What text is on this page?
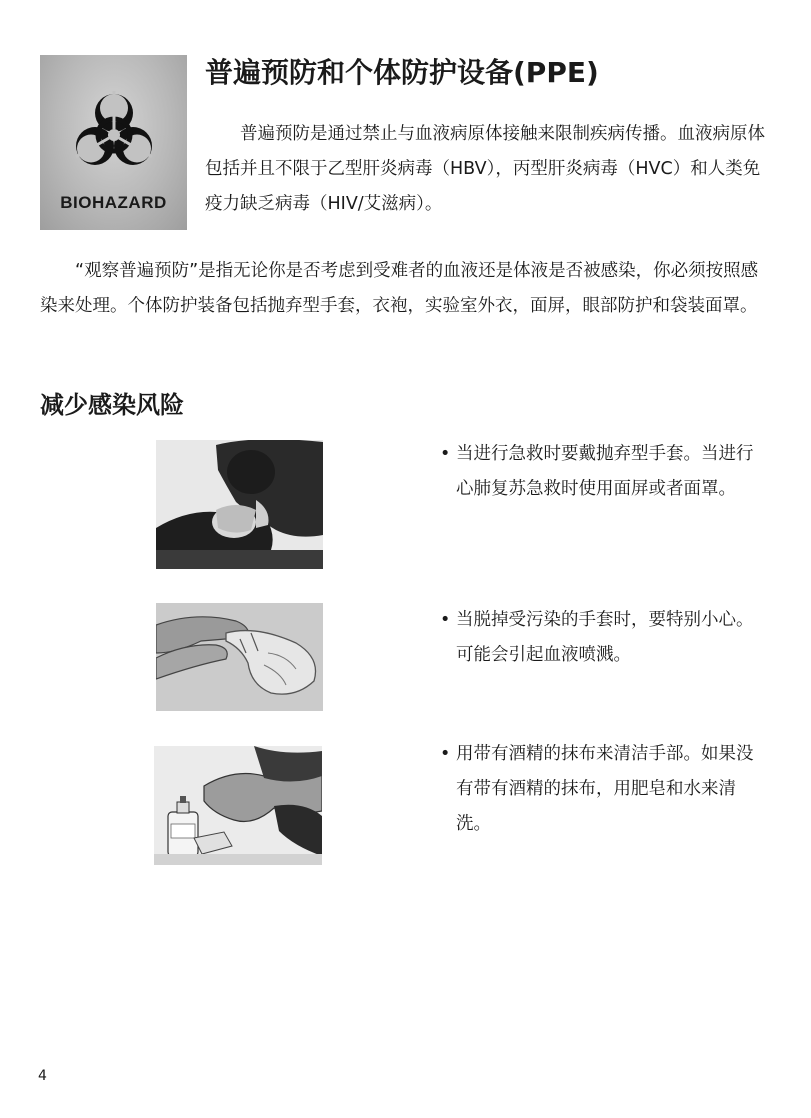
BIOHAZARD
普遍预防和个体防护设备(PPE)

普遍预防是通过禁止与血液病原体接触来限制疾病传播。血液病原体包括并且不限于乙型肝炎病毒（HBV），丙型肝炎病毒（HVC）和人类免疫力缺乏病毒（HIV/艾滋病）。

“观察普遍预防”是指无论你是否考虑到受难者的血液还是体液是否被感染，你必须按照感染来处理。个体防护装备包括抛弃型手套，衣袍，实验室外衣，面屏，眼部防护和袋装面罩。

减少感染风险

• 当进行急救时要戴抛弃型手套。当进行心肺复苏急救时使用面屏或者面罩。

• 当脱掉受污染的手套时，要特别小心。可能会引起血液喷溅。

• 用带有酒精的抹布来清洁手部。如果没有带有酒精的抹布，用肥皂和水来清洗。

4
